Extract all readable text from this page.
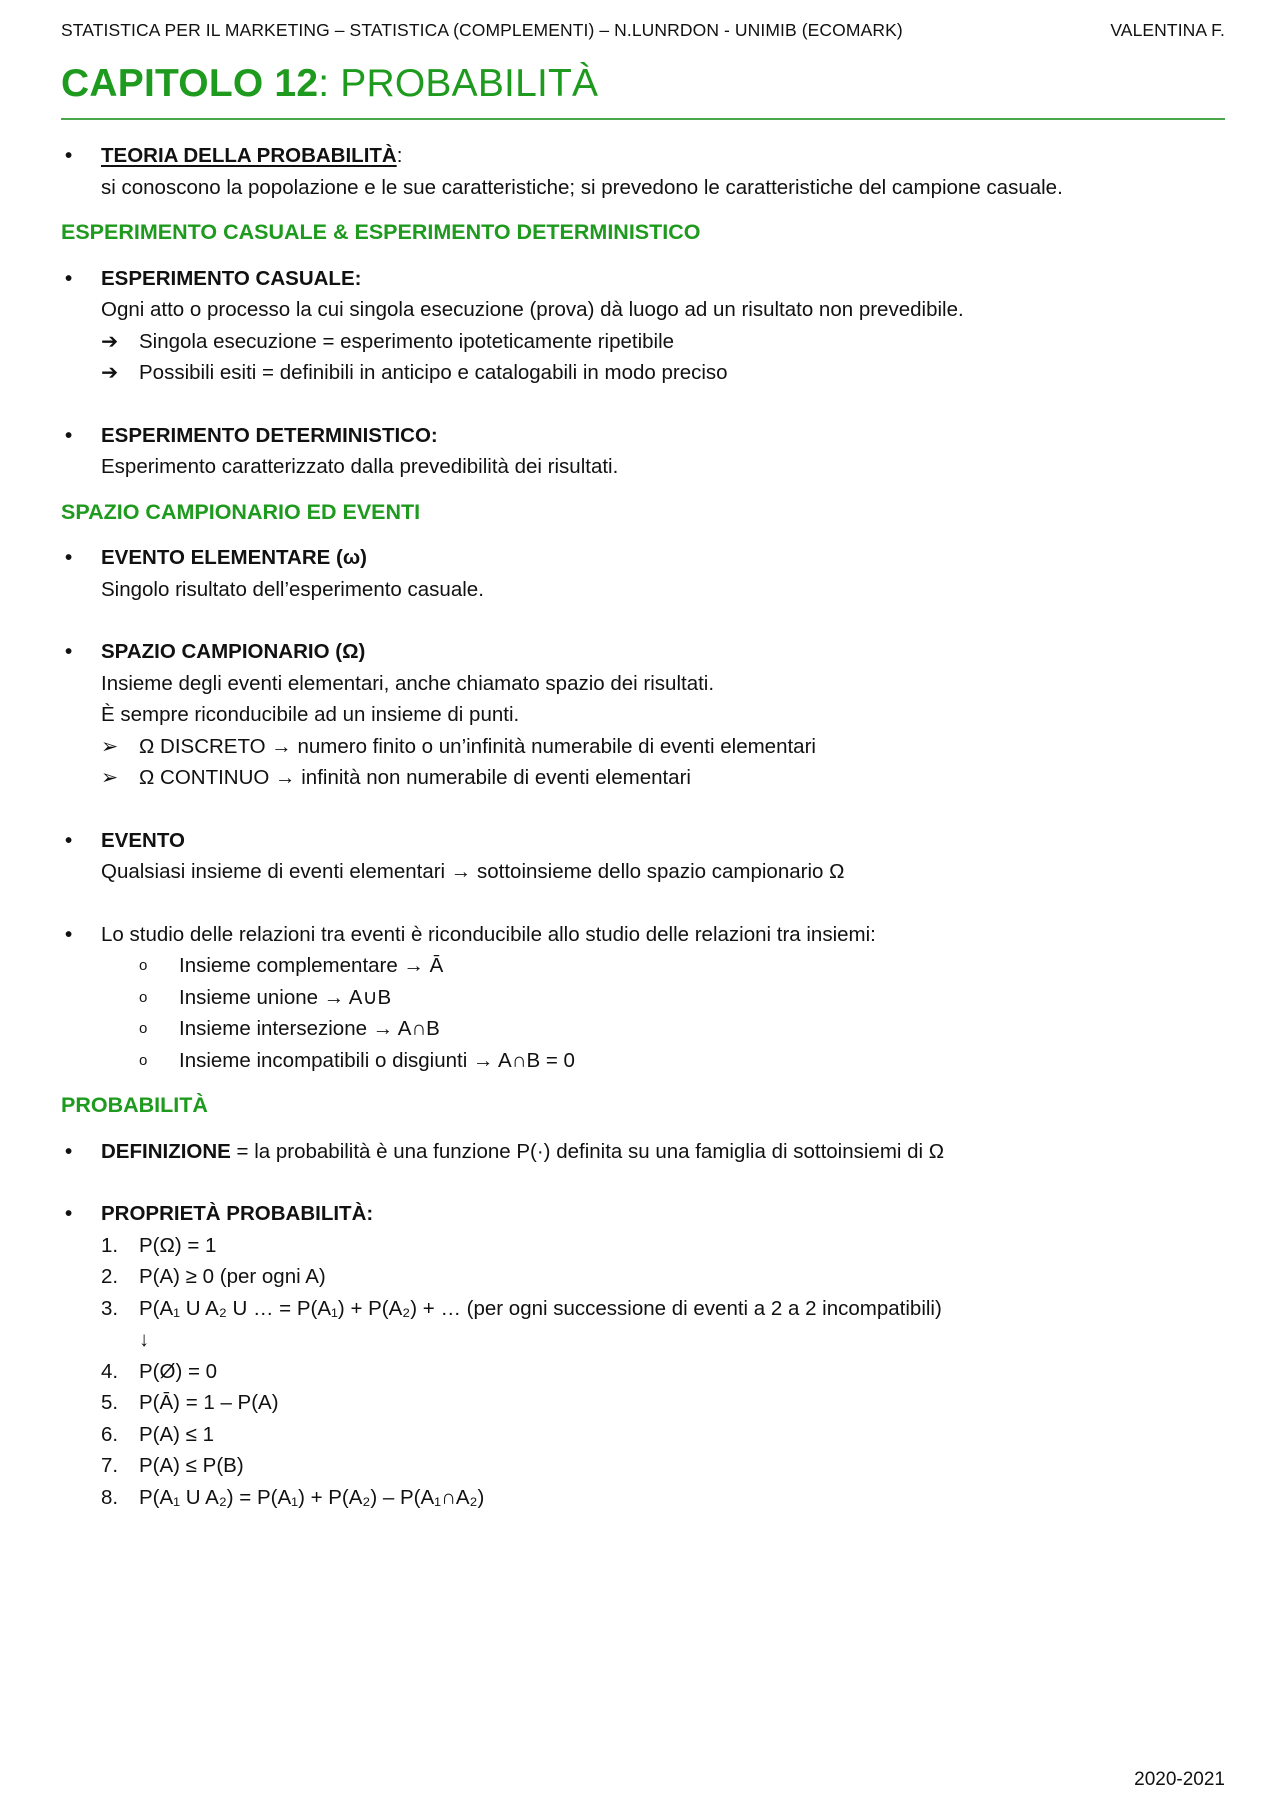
STATISTICA PER IL MARKETING – STATISTICA (COMPLEMENTI) – N.LUNRDON - UNIMIB (ECOMARK)	VALENTINA F.
CAPITOLO 12: PROBABILITÀ
• TEORIA DELLA PROBABILITÀ:
si conoscono la popolazione e le sue caratteristiche; si prevedono le caratteristiche del campione casuale.
ESPERIMENTO CASUALE & ESPERIMENTO DETERMINISTICO
• ESPERIMENTO CASUALE:
Ogni atto o processo la cui singola esecuzione (prova) dà luogo ad un risultato non prevedibile.
➔ Singola esecuzione = esperimento ipoteticamente ripetibile
➔ Possibili esiti = definibili in anticipo e catalogabili in modo preciso
• ESPERIMENTO DETERMINISTICO:
Esperimento caratterizzato dalla prevedibilità dei risultati.
SPAZIO CAMPIONARIO ED EVENTI
• EVENTO ELEMENTARE (ω)
Singolo risultato dell’esperimento casuale.
• SPAZIO CAMPIONARIO (Ω)
Insieme degli eventi elementari, anche chiamato spazio dei risultati.
È sempre riconducibile ad un insieme di punti.
➢ Ω DISCRETO → numero finito o un’infinità numerabile di eventi elementari
➢ Ω CONTINUO → infinità non numerabile di eventi elementari
• EVENTO
Qualsiasi insieme di eventi elementari → sottoinsieme dello spazio campionario Ω
• Lo studio delle relazioni tra eventi è riconducibile allo studio delle relazioni tra insiemi:
o Insieme complementare → Ā
o Insieme unione → A∪B
o Insieme intersezione → A∩B
o Insieme incompatibili o disgiunti → A∩B = 0
PROBABILITÀ
• DEFINIZIONE = la probabilità è una funzione P(·) definita su una famiglia di sottoinsiemi di Ω
• PROPRIETÀ PROBABILITÀ:
1. P(Ω) = 1
2. P(A) ≥ 0 (per ogni A)
3. P(A₁ U A₂ U … = P(A₁) + P(A₂) + … (per ogni successione di eventi a 2 a 2 incompatibili)
↓
4. P(Ø) = 0
5. P(Ā) = 1 – P(A)
6. P(A) ≤ 1
7. P(A) ≤ P(B)
8. P(A₁ U A₂) = P(A₁) + P(A₂) – P(A₁∩A₂)
2020-2021
